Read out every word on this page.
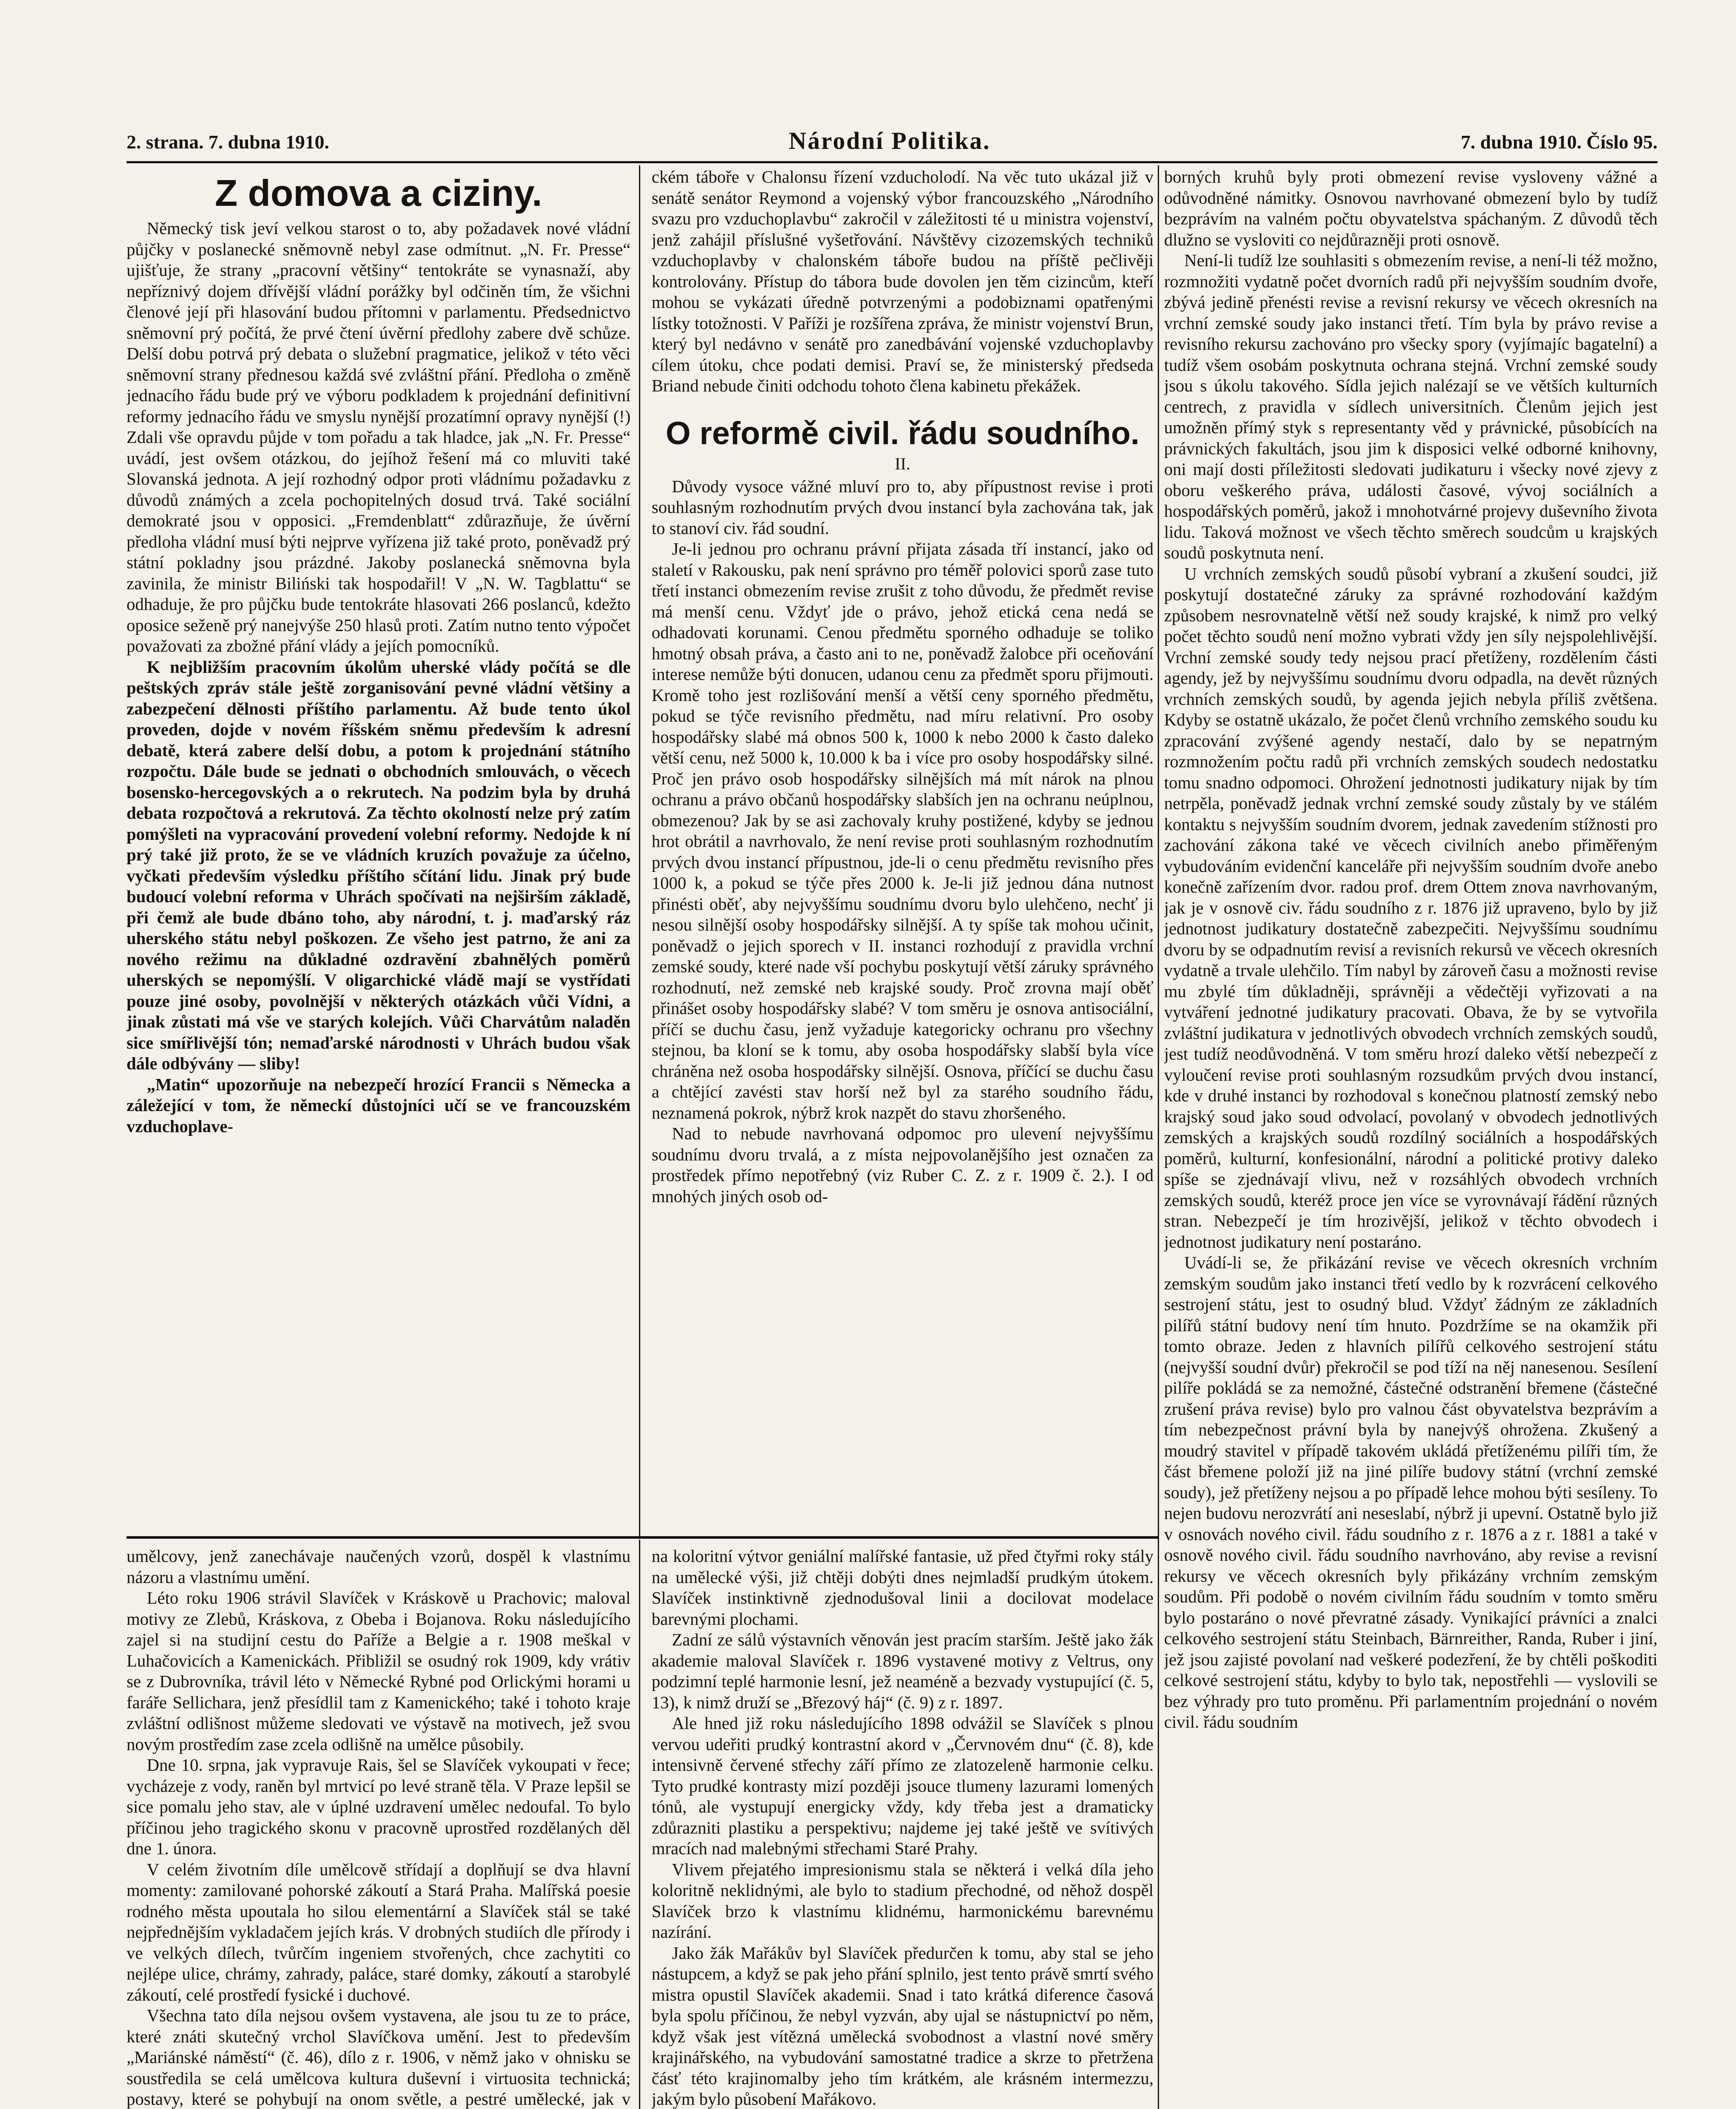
2. strana. 7. dubna 1910.	Národní Politika.	7. dubna 1910. Číslo 95.
Z domova a ciziny.

Německý tisk jeví velkou starost o to, aby požadavek nové vládní půjčky v poslanecké sněmovně nebyl zase odmítnut. „N. Fr. Presse“ ujišťuje, že strany „pracovní většiny“ tentokráte se vynasnaží, aby nepříznivý dojem dřívější vládní porážky byl odčiněn tím, že všichni členové její při hlasování budou přítomni v parlamentu. Předsednictvo sněmovní prý počítá, že prvé čtení úvěrní předlohy zabere dvě schůze. Delší dobu potrvá prý debata o služební pragmatice, jelikož v této věci sněmovní strany přednesou každá své zvláštní přání. Předloha o změně jednacího řádu bude prý ve výboru podkladem k projednání definitivní reformy jednacího řádu ve smyslu nynější prozatímní opravy nynější (!) Zdali vše opravdu půjde v tom pořadu a tak hladce, jak „N. Fr. Presse“ uvádí, jest ovšem otázkou, do jejíhož řešení má co mluviti také Slovanská jednota. A její rozhodný odpor proti vládnímu požadavku z důvodů známých a zcela pochopitelných dosud trvá. Také sociální demokraté jsou v opposici. „Fremdenblatt“ zdůrazňuje, že úvěrní předloha vládní musí býti nejprve vyřízena již také proto, poněvadž prý státní pokladny jsou prázdné. Jakoby poslanecká sněmovna byla zavinila, že ministr Biliński tak hospodařil! V „N. W. Tagblattu“ se odhaduje, že pro půjčku bude tentokráte hlasovati 266 poslanců, kdežto oposice seženě prý nanejvýše 250 hlasů proti. Zatím nutno tento výpočet považovati za zbožné přání vlády a jejích pomocníků.

K nejbližším pracovním úkolům uherské vlády počítá se dle peštských zpráv stále ještě zorganisování pevné vládní většiny a zabezpečení dělnosti příštího parlamentu. Až bude tento úkol proveden, dojde v novém říšském sněmu především k adresní debatě, která zabere delší dobu, a potom k projednání státního rozpočtu. Dále bude se jednati o obchodních smlouvách, o věcech bosensko-hercegovských a o rekrutech. Na podzim byla by druhá debata rozpočtová a rekrutová. Za těchto okolností nelze prý zatím pomýšleti na vypracování provedení volební reformy. Nedojde k ní prý také již proto, že se ve vládních kruzích považuje za účelno, vyčkati především výsledku příštího sčítání lidu. Jinak prý bude budoucí volební reforma v Uhrách spočívati na nejširším základě, při čemž ale bude dbáno toho, aby národní, t. j. maďarský ráz uherského státu nebyl poškozen. Ze všeho jest patrno, že ani za nového režimu na důkladné ozdravění zbahnělých poměrů uherských se nepomýšlí. V oligarchické vládě mají se vystřídati pouze jiné osoby, povolnější v některých otázkách vůči Vídni, a jinak zůstati má vše ve starých kolejích. Vůči Charvátům naladěn sice smířlivější tón; nemaďarské národnosti v Uhrách budou však dále odbývány — sliby!

„Matin“ upozorňuje na nebezpečí hrozící Francii s Německa a záležející v tom, že německí důstojníci učí se ve francouzském vzduchoplave-

ckém táboře v Chalonsu řízení vzducholodí. Na věc tuto ukázal již v senátě senátor Reymond a vojenský výbor francouzského „Národního svazu pro vzduchoplavbu“ zakročil v záležitosti té u ministra vojenství, jenž zahájil příslušné vyšetřování. Návštěvy cizozemských techniků vzduchoplavby v chalonském táboře budou na příště pečlivěji kontrolovány. Přístup do tábora bude dovolen jen těm cizincům, kteří mohou se vykázati úředně potvrzenými a podobiznami opatřenými lístky totožnosti. V Paříži je rozšířena zpráva, že ministr vojenství Brun, který byl nedávno v senátě pro zanedbávání vojenské vzduchoplavby cílem útoku, chce podati demisi. Praví se, že ministerský předseda Briand nebude činiti odchodu tohoto člena kabinetu překážek.

O reformě civil. řádu soudního.
II.

Důvody vysoce vážné mluví pro to, aby přípustnost revise i proti souhlasným rozhodnutím prvých dvou instancí byla zachována tak, jak to stanoví civ. řád soudní.

Je-li jednou pro ochranu právní přijata zásada tří instancí, jako od staletí v Rakousku, pak není správno pro téměř polovici sporů zase tuto třetí instanci obmezením revise zrušit z toho důvodu, že předmět revise má menší cenu. Vždyť jde o právo, jehož etická cena nedá se odhadovati korunami. Cenou předmětu sporného odhaduje se toliko hmotný obsah práva, a často ani to ne, poněvadž žalobce při oceňování interese nemůže býti donucen, udanou cenu za předmět sporu přijmouti. Kromě toho jest rozlišování menší a větší ceny sporného předmětu, pokud se týče revisního předmětu, nad míru relativní. Pro osoby hospodářsky slabé má obnos 500 k, 1000 k nebo 2000 k často daleko větší cenu, než 5000 k, 10.000 k ba i více pro osoby hospodářsky silné. Proč jen právo osob hospodářsky silnějších má mít nárok na plnou ochranu a právo občanů hospodářsky slabších jen na ochranu neúplnou, obmezenou? Jak by se asi zachovaly kruhy postižené, kdyby se jednou hrot obrátil a navrhovalo, že není revise proti souhlasným rozhodnutím prvých dvou instancí přípustnou, jde-li o cenu předmětu revisního přes 1000 k, a pokud se týče přes 2000 k. Je-li již jednou dána nutnost přinésti oběť, aby nejvyššímu soudnímu dvoru bylo ulehčeno, nechť ji nesou silnější osoby hospodářsky silnější. A ty spíše tak mohou učinit, poněvadž o jejich sporech v II. instanci rozhodují z pravidla vrchní zemské soudy, které nade vší pochybu poskytují větší záruky správného rozhodnutí, než zemské neb krajské soudy. Proč zrovna mají oběť přinášet osoby hospodářsky slabé? V tom směru je osnova antisociální, příčí se duchu času, jenž vyžaduje kategoricky ochranu pro všechny stejnou, ba kloní se k tomu, aby osoba hospodářsky slabší byla více chráněna než osoba hospodářsky silnější. Osnova, příčící se duchu času a chtějící zavésti stav horší než byl za starého soudního řádu, neznamená pokrok, nýbrž krok nazpět do stavu zhoršeného.

Nad to nebude navrhovaná odpomoc pro ulevení nejvyššímu soudnímu dvoru trvalá, a z místa nejpovolanějšího jest označen za prostředek přímo nepotřebný (viz Ruber C. Z. z r. 1909 č. 2.). I od mnohých jiných osob od-

borných kruhů byly proti obmezení revise vysloveny vážné a odůvodněné námitky. Osnovou navrhované obmezení bylo by tudíž bezprávím na valném počtu obyvatelstva spáchaným. Z důvodů těch dlužno se vysloviti co nejdůrazněji proti osnově.

Není-li tudíž lze souhlasiti s obmezením revise, a není-li též možno, rozmnožiti vydatně počet dvorních radů při nejvyšším soudním dvoře, zbývá jedině přenésti revise a revisní rekursy ve věcech okresních na vrchní zemské soudy jako instanci třetí. Tím byla by právo revise a revisního rekursu zachováno pro všecky spory (vyjímajíc bagatelní) a tudíž všem osobám poskytnuta ochrana stejná. Vrchní zemské soudy jsou s úkolu takového. Sídla jejich nalézají se ve větších kulturních centrech, z pravidla v sídlech universitních. Členům jejich jest umožněn přímý styk s representanty věd y právnické, působících na právnických fakultách, jsou jim k disposici velké odborné knihovny, oni mají dosti příležitosti sledovati judikaturu i všecky nové zjevy z oboru veškerého práva, události časové, vývoj sociálních a hospodářských poměrů, jakož i mnohotvárné projevy duševního života lidu. Taková možnost ve všech těchto směrech soudcům u krajských soudů poskytnuta není.

U vrchních zemských soudů působí vybraní a zkušení soudci, již poskytují dostatečné záruky za správné rozhodování každým způsobem nesrovnatelně větší než soudy krajské, k nimž pro velký počet těchto soudů není možno vybrati vždy jen síly nejspolehlivější. Vrchní zemské soudy tedy nejsou prací přetíženy, rozdělením části agendy, jež by nejvyššímu soudnímu dvoru odpadla, na devět různých vrchních zemských soudů, by agenda jejich nebyla příliš zvětšena. Kdyby se ostatně ukázalo, že počet členů vrchního zemského soudu ku zpracování zvýšené agendy nestačí, dalo by se nepatrným rozmnožením počtu radů při vrchních zemských soudech nedostatku tomu snadno odpomoci. Ohrožení jednotnosti judikatury nijak by tím netrpěla, poněvadž jednak vrchní zemské soudy zůstaly by ve stálém kontaktu s nejvyšším soudním dvorem, jednak zavedením stížnosti pro zachování zákona také ve věcech civilních anebo přiměřeným vybudováním evidenční kanceláře při nejvyšším soudním dvoře anebo konečně zařízením dvor. radou prof. drem Ottem znova navrhovaným, jak je v osnově civ. řádu soudního z r. 1876 již upraveno, bylo by již jednotnost judikatury dostatečně zabezpečiti. Nejvyššímu soudnímu dvoru by se odpadnutím revisí a revisních rekursů ve věcech okresních vydatně a trvale ulehčilo. Tím nabyl by zároveň času a možnosti revise mu zbylé tím důkladněji, správněji a vědečtěji vyřizovati a na vytváření jednotné judikatury pracovati. Obava, že by se vytvořila zvláštní judikatura v jednotlivých obvodech vrchních zemských soudů, jest tudíž neodůvodněná. V tom směru hrozí daleko větší nebezpečí z vyloučení revise proti souhlasným rozsudkům prvých dvou instancí, kde v druhé instanci by rozhodoval s konečnou platností zemský nebo krajský soud jako soud odvolací, povolaný v obvodech jednotlivých zemských a krajských soudů rozdílný sociálních a hospodářských poměrů, kulturní, konfesionální, národní a politické protivy daleko spíše se zjednávají vlivu, než v rozsáhlých obvodech vrchních zemských soudů, kteréž proce jen více se vyrovnávají řádění různých stran. Nebezpečí je tím hrozivější, jelikož v těchto obvodech i jednotnost judikatury není postaráno.

Uvádí-li se, že přikázání revise ve věcech okresních vrchním zemským soudům jako instanci třetí vedlo by k rozvrácení celkového sestrojení státu, jest to osudný blud. Vždyť žádným ze základních pilířů státní budovy není tím hnuto. Pozdržíme se na okamžik při tomto obraze. Jeden z hlavních pilířů celkového sestrojení státu (nejvyšší soudní dvůr) překročil se pod tíží na něj nanesenou. Sesílení pilíře pokládá se za nemožné, částečné odstranění břemene (částečné zrušení práva revise) bylo pro valnou část obyvatelstva bezprávím a tím nebezpečnost právní byla by nanejvýš ohrožena. Zkušený a moudrý stavitel v případě takovém ukládá přetíženému pilíři tím, že část břemene položí již na jiné pilíře budovy státní (vrchní zemské soudy), jež přetíženy nejsou a po případě lehce mohou býti sesíleny. To nejen budovu nerozvrátí ani neseslabí, nýbrž ji upevní. Ostatně bylo již v osnovách nového civil. řádu soudního z r. 1876 a z r. 1881 a také v osnově nového civil. řádu soudního navrhováno, aby revise a revisní rekursy ve věcech okresních byly přikázány vrchním zemským soudům. Při podobě o novém civilním řádu soudním v tomto směru bylo postaráno o nové převratné zásady. Vynikající právníci a znalci celkového sestrojení státu Steinbach, Bärnreither, Randa, Ruber i jiní, jež jsou zajisté povolaní nad veškeré podezření, že by chtěli poškoditi celkové sestrojení státu, kdyby to bylo tak, nepostřehli — vyslovili se bez výhrady pro tuto proměnu. Při parlamentním projednání o novém civil. řádu soudním

umělcovy, jenž zanechávaje naučených vzorů, dospěl k vlastnímu názoru a vlastnímu umění.

Léto roku 1906 strávil Slavíček v Kráskově u Prachovic; maloval motivy ze Zlebů, Kráskova, z Obeba i Bojanova. Roku následujícího zajel si na studijní cestu do Paříže a Belgie a r. 1908 meškal v Luhačovicích a Kamenickách. Přibližil se osudný rok 1909, kdy vrátiv se z Dubrovníka, trávil léto v Německé Rybné pod Orlickými horami u faráře Sellichara, jenž přesídlil tam z Kamenického; také i tohoto kraje zvláštní odlišnost můžeme sledovati ve výstavě na motivech, jež svou novým prostředím zase zcela odlišně na umělce působily.

Dne 10. srpna, jak vypravuje Rais, šel se Slavíček vykoupati v řece; vycházeje z vody, raněn byl mrtvicí po levé straně těla. V Praze lepšil se sice pomalu jeho stav, ale v úplné uzdravení umělec nedoufal. To bylo příčinou jeho tragického skonu v pracovně uprostřed rozdělaných děl dne 1. února.

V celém životním díle umělcově střídají a doplňují se dva hlavní momenty: zamilované pohorské zákoutí a Stará Praha. Malířská poesie rodného města upoutala ho silou elementární a Slavíček stál se také nejpřednějším vykladačem jejích krás. V drobných studiích dle přírody i ve velkých dílech, tvůrčím ingeniem stvořených, chce zachytiti co nejlépe ulice, chrámy, zahrady, paláce, staré domky, zákoutí a starobylé zákoutí, celé prostředí fysické i duchové.

Všechna tato díla nejsou ovšem vystavena, ale jsou tu ze to práce, které znáti skutečný vrchol Slavíčkova umění. Jest to především „Mariánské náměstí“ (č. 46), dílo z r. 1906, v němž jako v ohnisku se soustředila se celá umělcova kultura duševní i virtuosita technická; postavy, které se pohybují na onom světle, a pestré umělecké, jak v

na koloritní výtvor geniální malířské fantasie, už před čtyřmi roky stály na umělecké výši, již chtěji dobýti dnes nejmladší prudkým útokem. Slavíček instinktivně zjednodušoval linii a docilovat modelace barevnými plochami.

Zadní ze sálů výstavních věnován jest pracím starším. Ještě jako žák akademie maloval Slavíček r. 1896 vystavené motivy z Veltrus, ony podzimní teplé harmonie lesní, jež neaméně a bezvady vystupující (č. 5, 13), k nimž druží se „Březový háj“ (č. 9) z r. 1897.

Ale hned již roku následujícího 1898 odvážil se Slavíček s plnou vervou udeřiti prudký kontrastní akord v „Červnovém dnu“ (č. 8), kde intensivně červené střechy září přímo ze zlatozeleně harmonie celku. Tyto prudké kontrasty mizí později jsouce tlumeny lazurami lomených tónů, ale vystupují energicky vždy, kdy třeba jest a dramaticky zdůrazniti plastiku a perspektivu; najdeme jej také ještě ve svítivých mracích nad malebnými střechami Staré Prahy.

Vlivem přejatého impresionismu stala se některá i velká díla jeho koloritně neklidnými, ale bylo to stadium přechodné, od něhož dospěl Slavíček brzo k vlastnímu klidnému, harmonickému barevnému nazírání.

Jako žák Mařákův byl Slavíček předurčen k tomu, aby stal se jeho nástupcem, a když se pak jeho přání splnilo, jest tento právě smrtí svého mistra opustil Slavíček akademii. Snad i tato krátká diference časová byla spolu příčinou, že nebyl vyzván, aby ujal se nástupnictví po něm, když však jest vítězná umělecká svobodnost a vlastní nové směry krajinářského, na vybudování samostatné tradice a skrze to přetržena čásť této krajinomalby jeho tím krátkém, ale krásném intermezzu, jakým bylo působení Mařákovo.
